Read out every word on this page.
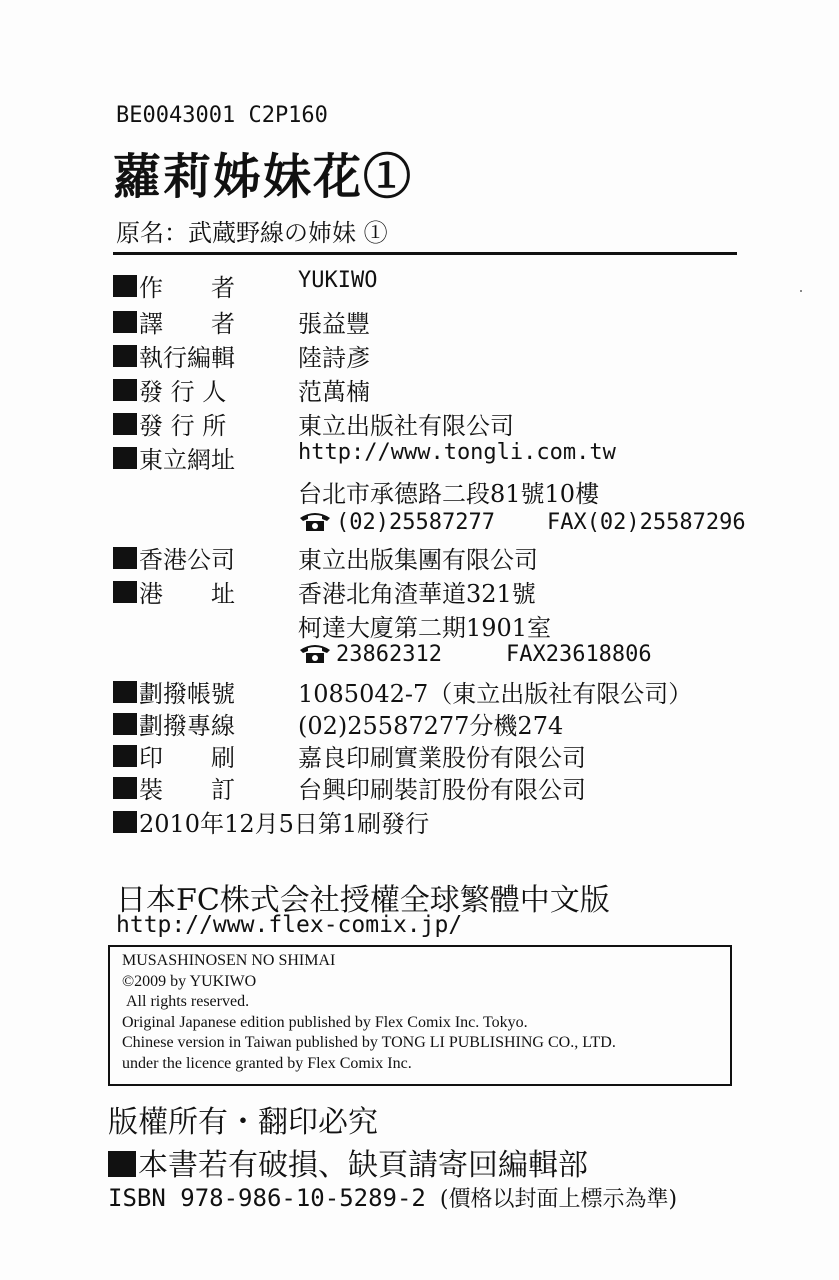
BE0043001 C2P160
蘿莉姊妹花①
原名：武蔵野線の姉妹 ①
作　　者	YUKIWO
譯　　者	張益豐
執行編輯	陸詩彥
發 行 人	范萬楠
發 行 所	東立出版社有限公司
東立網址	http://www.tongli.com.tw
台北市承德路二段81號10樓
(02)25587277 FAX(02)25587296
香港公司	東立出版集團有限公司
港　　址	香港北角渣華道321號
柯達大廈第二期1901室
23862312	FAX23618806
劃撥帳號	1085042-7（東立出版社有限公司）
劃撥專線	(02)25587277分機274
印　　刷	嘉良印刷實業股份有限公司
裝　　訂	台興印刷裝訂股份有限公司
2010年12月5日第1刷發行
日本FC株式会社授權全球繁體中文版
http://www.flex-comix.jp/
MUSASHINOSEN NO SHIMAI
©2009 by YUKIWO
All rights reserved.
Original Japanese edition published by Flex Comix Inc. Tokyo.
Chinese version in Taiwan published by TONG LI PUBLISHING CO., LTD.
under the licence granted by Flex Comix Inc.
版權所有・翻印必究
本書若有破損、缺頁請寄回編輯部
ISBN 978-986-10-5289-2 (價格以封面上標示為準)
